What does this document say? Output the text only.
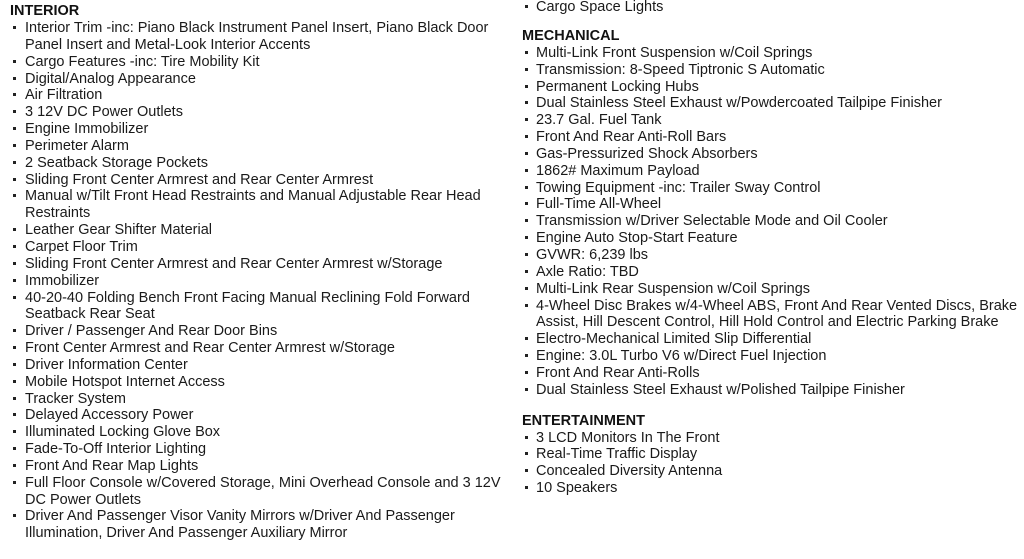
INTERIOR
Interior Trim -inc: Piano Black Instrument Panel Insert, Piano Black Door Panel Insert and Metal-Look Interior Accents
Cargo Features -inc: Tire Mobility Kit
Digital/Analog Appearance
Air Filtration
3 12V DC Power Outlets
Engine Immobilizer
Perimeter Alarm
2 Seatback Storage Pockets
Sliding Front Center Armrest and Rear Center Armrest
Manual w/Tilt Front Head Restraints and Manual Adjustable Rear Head Restraints
Leather Gear Shifter Material
Carpet Floor Trim
Sliding Front Center Armrest and Rear Center Armrest w/Storage
Immobilizer
40-20-40 Folding Bench Front Facing Manual Reclining Fold Forward Seatback Rear Seat
Driver / Passenger And Rear Door Bins
Front Center Armrest and Rear Center Armrest w/Storage
Driver Information Center
Mobile Hotspot Internet Access
Tracker System
Delayed Accessory Power
Illuminated Locking Glove Box
Fade-To-Off Interior Lighting
Front And Rear Map Lights
Full Floor Console w/Covered Storage, Mini Overhead Console and 3 12V DC Power Outlets
Driver And Passenger Visor Vanity Mirrors w/Driver And Passenger Illumination, Driver And Passenger Auxiliary Mirror
Cargo Space Lights
MECHANICAL
Multi-Link Front Suspension w/Coil Springs
Transmission: 8-Speed Tiptronic S Automatic
Permanent Locking Hubs
Dual Stainless Steel Exhaust w/Powdercoated Tailpipe Finisher
23.7 Gal. Fuel Tank
Front And Rear Anti-Roll Bars
Gas-Pressurized Shock Absorbers
1862# Maximum Payload
Towing Equipment -inc: Trailer Sway Control
Full-Time All-Wheel
Transmission w/Driver Selectable Mode and Oil Cooler
Engine Auto Stop-Start Feature
GVWR: 6,239 lbs
Axle Ratio: TBD
Multi-Link Rear Suspension w/Coil Springs
4-Wheel Disc Brakes w/4-Wheel ABS, Front And Rear Vented Discs, Brake Assist, Hill Descent Control, Hill Hold Control and Electric Parking Brake
Electro-Mechanical Limited Slip Differential
Engine: 3.0L Turbo V6 w/Direct Fuel Injection
Front And Rear Anti-Rolls
Dual Stainless Steel Exhaust w/Polished Tailpipe Finisher
ENTERTAINMENT
3 LCD Monitors In The Front
Real-Time Traffic Display
Concealed Diversity Antenna
10 Speakers
